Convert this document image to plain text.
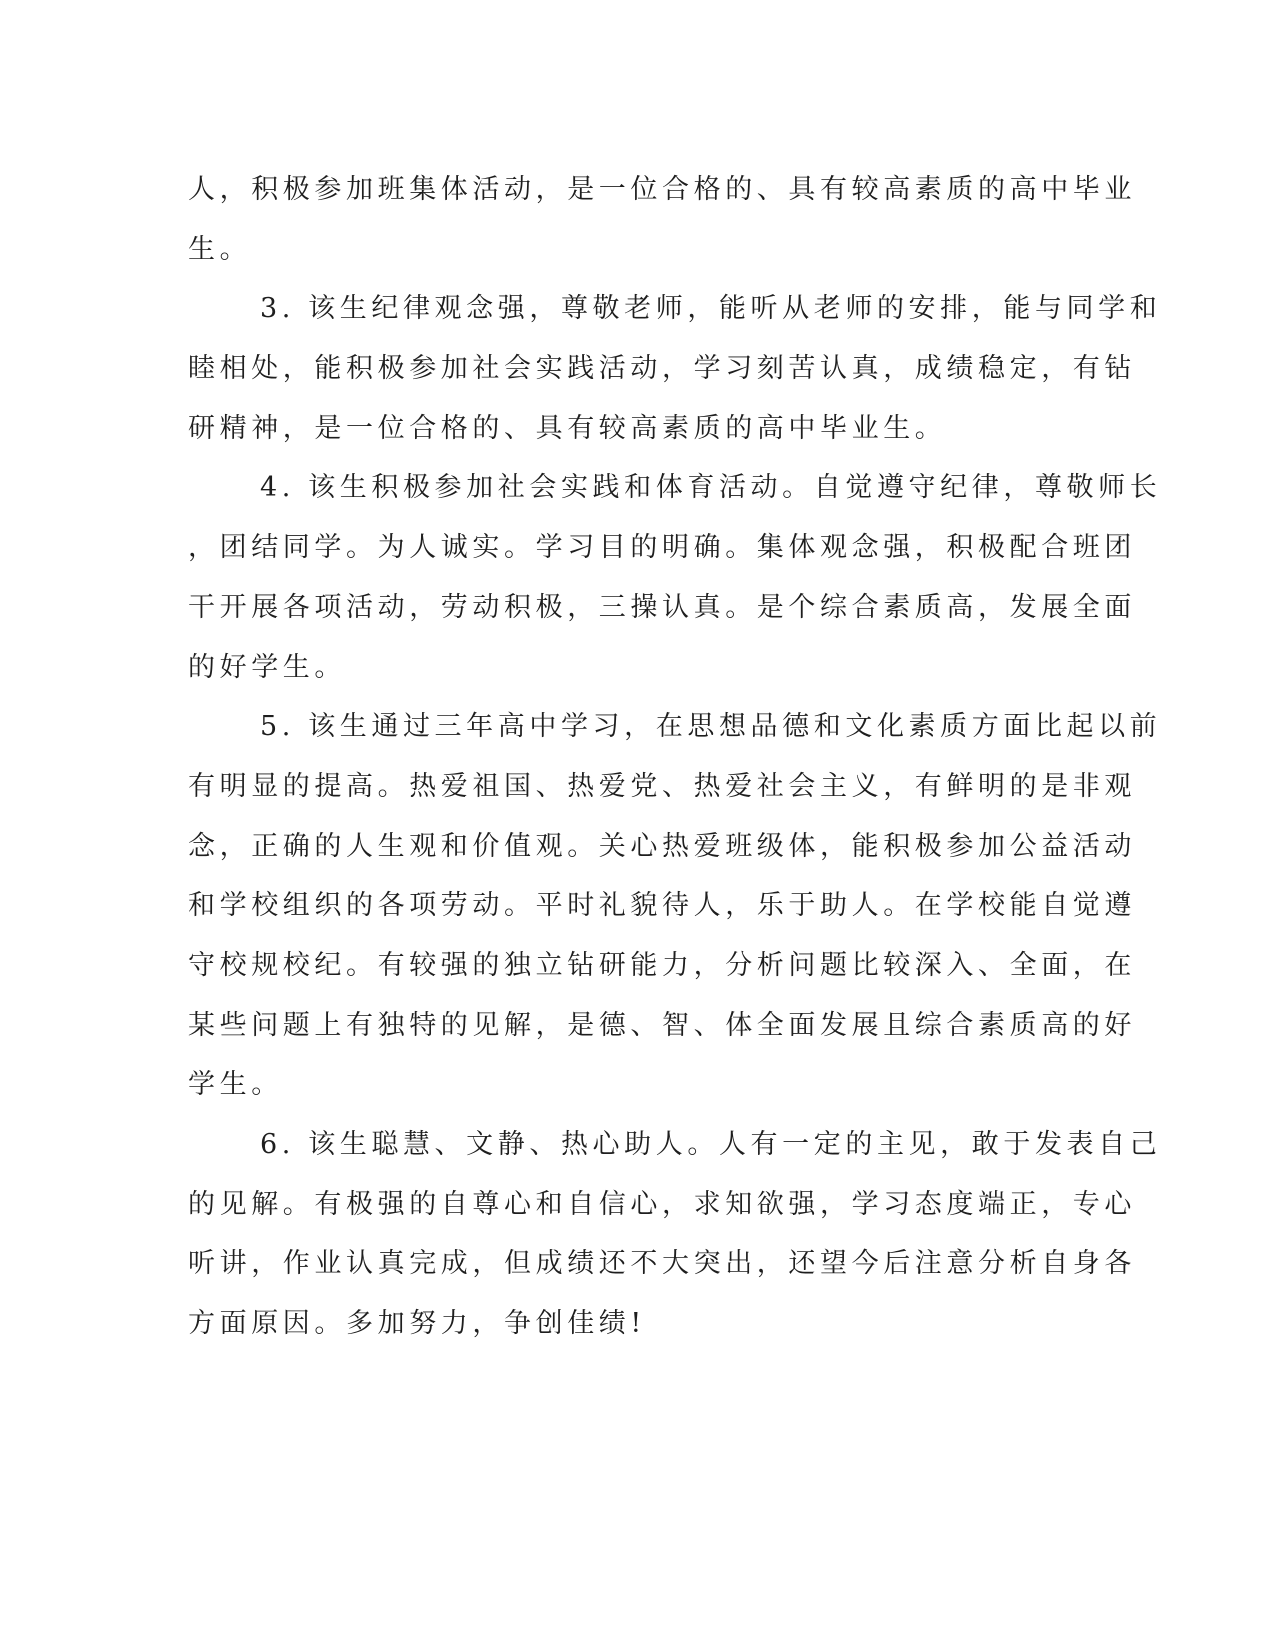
人，积极参加班集体活动，是一位合格的、具有较高素质的高中毕业
生。
3. 该生纪律观念强，尊敬老师，能听从老师的安排，能与同学和
睦相处，能积极参加社会实践活动，学习刻苦认真，成绩稳定，有钻
研精神，是一位合格的、具有较高素质的高中毕业生。
4. 该生积极参加社会实践和体育活动。自觉遵守纪律，尊敬师长
，团结同学。为人诚实。学习目的明确。集体观念强，积极配合班团
干开展各项活动，劳动积极，三操认真。是个综合素质高，发展全面
的好学生。
5. 该生通过三年高中学习，在思想品德和文化素质方面比起以前
有明显的提高。热爱祖国、热爱党、热爱社会主义，有鲜明的是非观
念，正确的人生观和价值观。关心热爱班级体，能积极参加公益活动
和学校组织的各项劳动。平时礼貌待人，乐于助人。在学校能自觉遵
守校规校纪。有较强的独立钻研能力，分析问题比较深入、全面，在
某些问题上有独特的见解，是德、智、体全面发展且综合素质高的好
学生。
6. 该生聪慧、文静、热心助人。人有一定的主见，敢于发表自己
的见解。有极强的自尊心和自信心，求知欲强，学习态度端正，专心
听讲，作业认真完成，但成绩还不大突出，还望今后注意分析自身各
方面原因。多加努力，争创佳绩!
